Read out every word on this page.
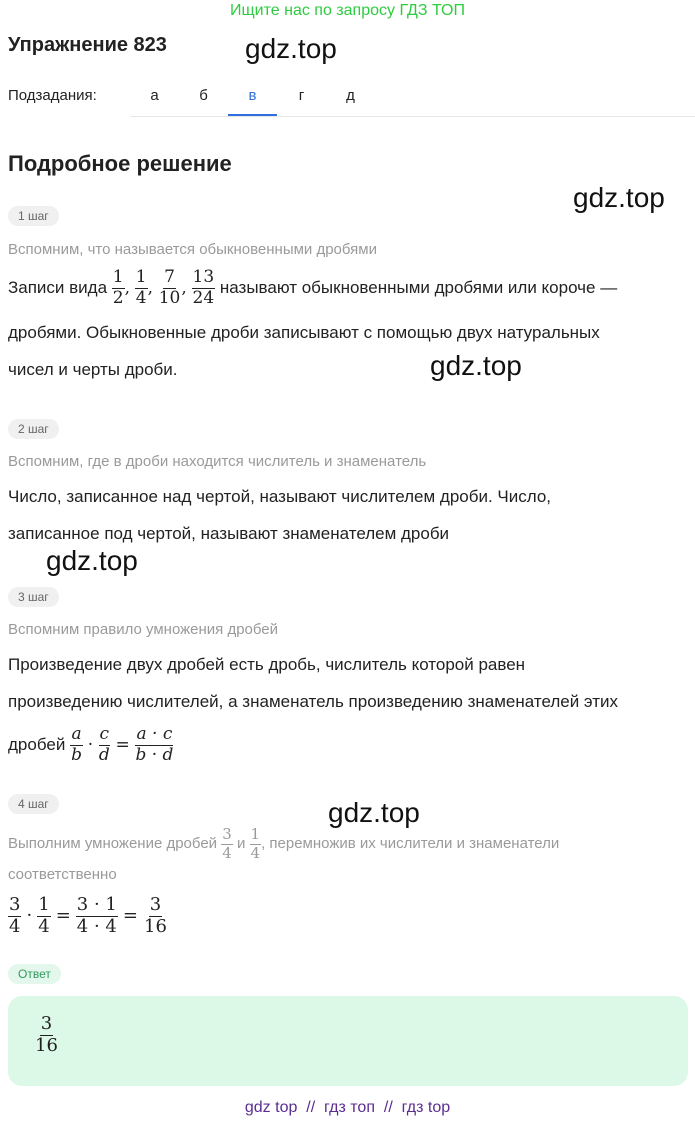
Ищите нас по запросу ГДЗ ТОП
Упражнение 823	gdz.top
gdz.top
gdz.top
gdz.top
gdz.top
Подзадания:	а	б	в	г	д
Подробное решение
1 шаг
Вспомним, что называется обыкновенными дробями
Записи вида $\frac{1}{2}$ , $\frac{1}{4}$ , $\frac{7}{10}$ , $\frac{13}{24}$ называют обыкновенными дробями или короче —
дробями. Обыкновенные дроби записывают с помощью двух натуральных
чисел и черты дроби.
2 шаг
Вспомним, где в дроби находится числитель и знаменатель
Число, записанное над чертой, называют числителем дроби. Число,
записанное под чертой, называют знаменателем дроби
3 шаг
Вспомним правило умножения дробей
Произведение двух дробей есть дробь, числитель которой равен
произведению числителей, а знаменатель произведению знаменателей этих
дробей $\frac{a}{b} \cdot \frac{c}{d} = \frac{a \cdot c}{b \cdot d}$
4 шаг
Выполним умножение дробей $\frac{3}{4}$ и $\frac{1}{4}$ , перемножив их числители и знаменатели
соответственно
$\frac{3}{4} \cdot \frac{1}{4} = \frac{3 \cdot 1}{4 \cdot 4} = \frac{3}{16}$
Ответ
$\frac{3}{16}$
gdz top  //  гдз топ  //  гдз top
